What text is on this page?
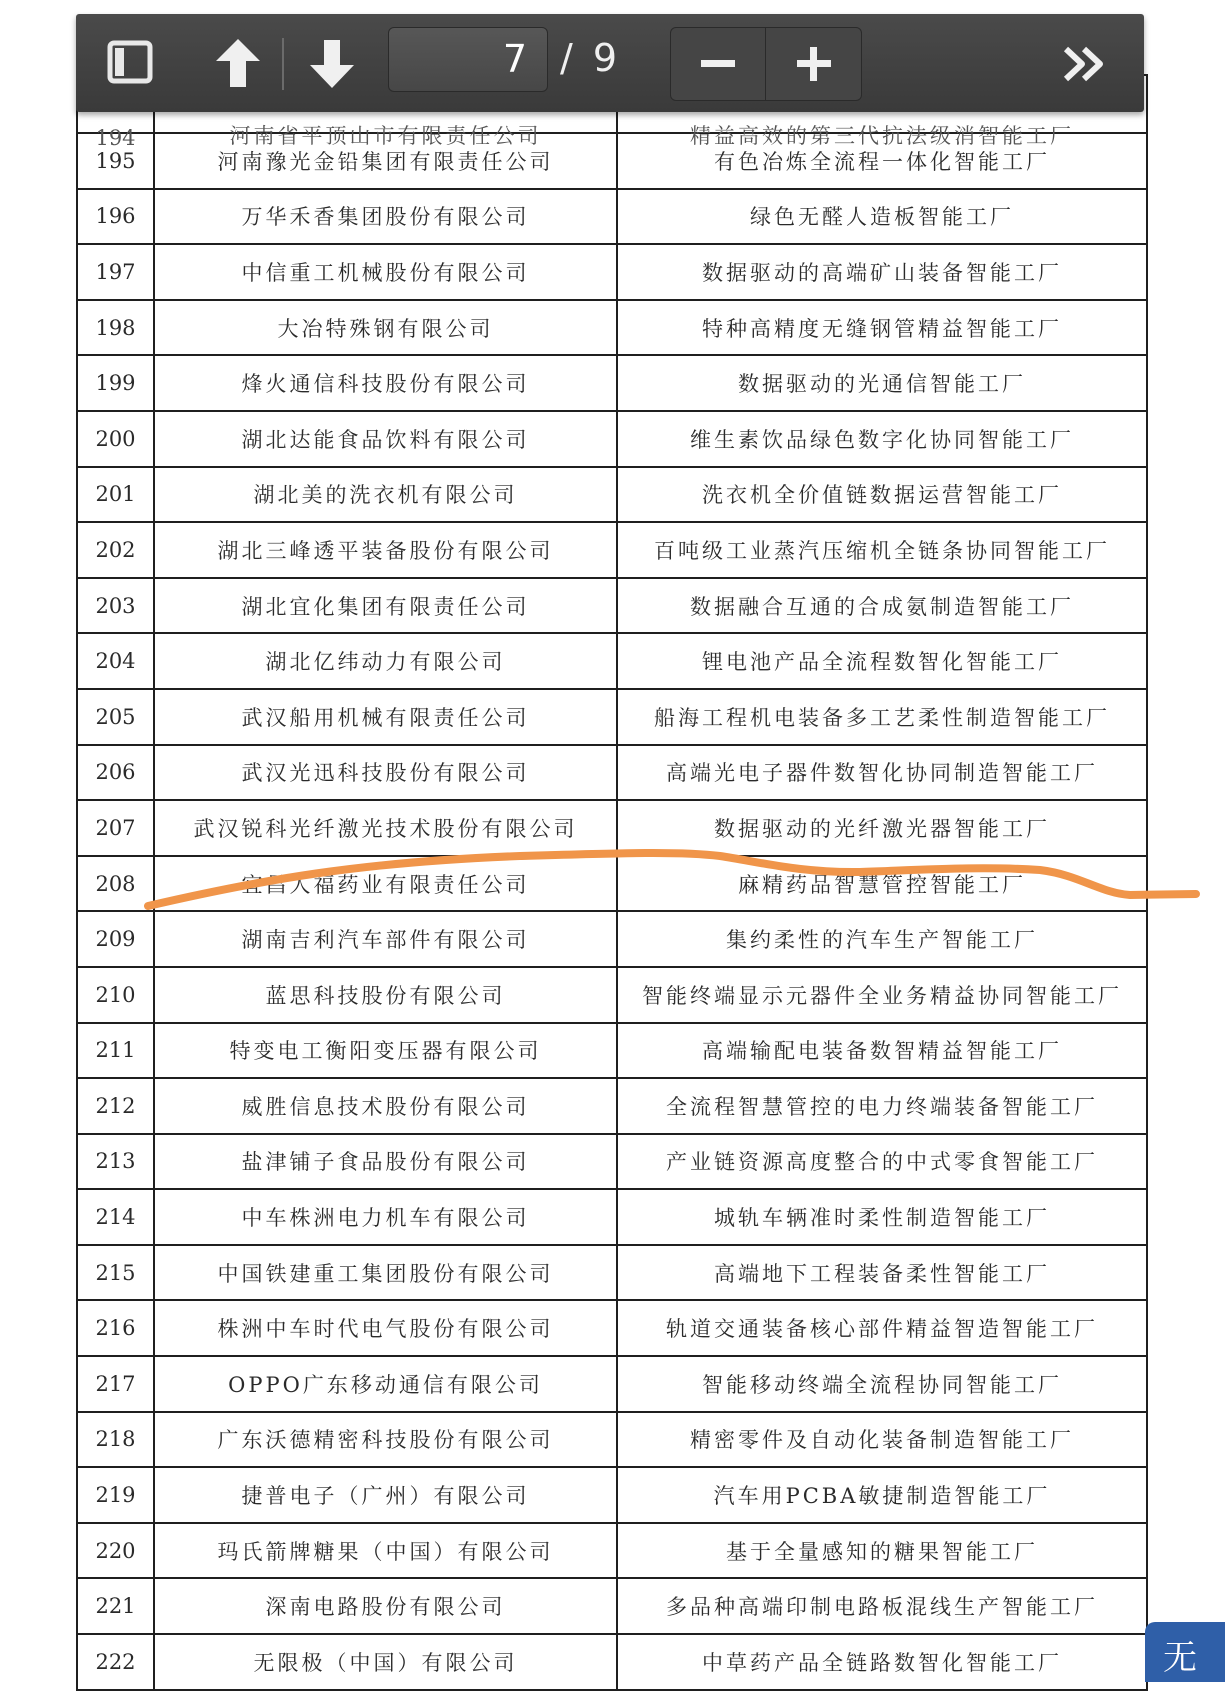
194	河南省平顶山市有限责任公司	精益高效的第三代抗法级消智能工厂
195	河南豫光金铅集团有限责任公司	有色冶炼全流程一体化智能工厂
196	万华禾香集团股份有限公司	绿色无醛人造板智能工厂
197	中信重工机械股份有限公司	数据驱动的高端矿山装备智能工厂
198	大冶特殊钢有限公司	特种高精度无缝钢管精益智能工厂
199	烽火通信科技股份有限公司	数据驱动的光通信智能工厂
200	湖北达能食品饮料有限公司	维生素饮品绿色数字化协同智能工厂
201	湖北美的洗衣机有限公司	洗衣机全价值链数据运营智能工厂
202	湖北三峰透平装备股份有限公司	百吨级工业蒸汽压缩机全链条协同智能工厂
203	湖北宜化集团有限责任公司	数据融合互通的合成氨制造智能工厂
204	湖北亿纬动力有限公司	锂电池产品全流程数智化智能工厂
205	武汉船用机械有限责任公司	船海工程机电装备多工艺柔性制造智能工厂
206	武汉光迅科技股份有限公司	高端光电子器件数智化协同制造智能工厂
207	武汉锐科光纤激光技术股份有限公司	数据驱动的光纤激光器智能工厂
208	宜昌人福药业有限责任公司	麻精药品智慧管控智能工厂
209	湖南吉利汽车部件有限公司	集约柔性的汽车生产智能工厂
210	蓝思科技股份有限公司	智能终端显示元器件全业务精益协同智能工厂
211	特变电工衡阳变压器有限公司	高端输配电装备数智精益智能工厂
212	威胜信息技术股份有限公司	全流程智慧管控的电力终端装备智能工厂
213	盐津铺子食品股份有限公司	产业链资源高度整合的中式零食智能工厂
214	中车株洲电力机车有限公司	城轨车辆准时柔性制造智能工厂
215	中国铁建重工集团股份有限公司	高端地下工程装备柔性智能工厂
216	株洲中车时代电气股份有限公司	轨道交通装备核心部件精益智造智能工厂
217	OPPO广东移动通信有限公司	智能移动终端全流程协同智能工厂
218	广东沃德精密科技股份有限公司	精密零件及自动化装备制造智能工厂
219	捷普电子（广州）有限公司	汽车用PCBA敏捷制造智能工厂
220	玛氏箭牌糖果（中国）有限公司	基于全量感知的糖果智能工厂
221	深南电路股份有限公司	多品种高端印制电路板混线生产智能工厂
222	无限极（中国）有限公司	中草药产品全链路数智化智能工厂
7 / 9
无
